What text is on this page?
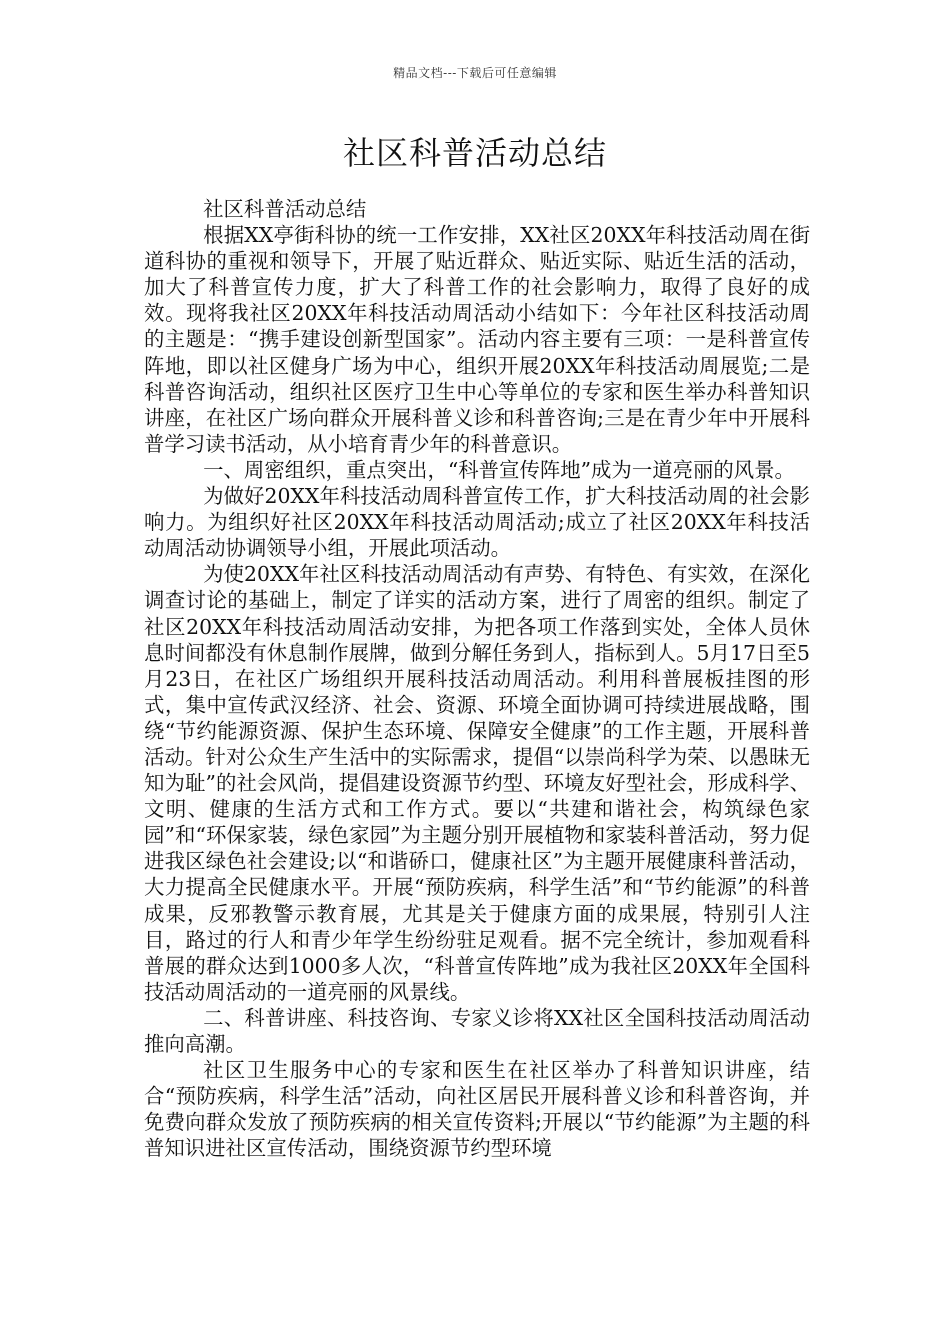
精品文档---下载后可任意编辑
社区科普活动总结

社区科普活动总结

根据XX亭街科协的统一工作安排，XX社区20XX年科技活动周在街道科协的重视和领导下，开展了贴近群众、贴近实际、贴近生活的活动，加大了科普宣传力度，扩大了科普工作的社会影响力，取得了良好的成效。现将我社区20XX年科技活动周活动小结如下：今年社区科技活动周的主题是：“携手建设创新型国家”。活动内容主要有三项：一是科普宣传阵地，即以社区健身广场为中心，组织开展20XX年科技活动周展览;二是科普咨询活动，组织社区医疗卫生中心等单位的专家和医生举办科普知识讲座，在社区广场向群众开展科普义诊和科普咨询;三是在青少年中开展科普学习读书活动，从小培育青少年的科普意识。

一、周密组织，重点突出，“科普宣传阵地”成为一道亮丽的风景。

为做好20XX年科技活动周科普宣传工作，扩大科技活动周的社会影响力。为组织好社区20XX年科技活动周活动;成立了社区20XX年科技活动周活动协调领导小组，开展此项活动。

为使20XX年社区科技活动周活动有声势、有特色、有实效，在深化调查讨论的基础上，制定了详实的活动方案，进行了周密的组织。制定了社区20XX年科技活动周活动安排，为把各项工作落到实处，全体人员休息时间都没有休息制作展牌，做到分解任务到人，指标到人。5月17日至5月23日，在社区广场组织开展科技活动周活动。利用科普展板挂图的形式，集中宣传武汉经济、社会、资源、环境全面协调可持续进展战略，围绕“节约能源资源、保护生态环境、保障安全健康”的工作主题，开展科普活动。针对公众生产生活中的实际需求，提倡“以崇尚科学为荣、以愚昧无知为耻”的社会风尚，提倡建设资源节约型、环境友好型社会，形成科学、文明、健康的生活方式和工作方式。要以“共建和谐社会，构筑绿色家园”和“环保家装，绿色家园”为主题分别开展植物和家装科普活动，努力促进我区绿色社会建设;以“和谐硚口，健康社区”为主题开展健康科普活动，大力提高全民健康水平。开展“预防疾病，科学生活”和“节约能源”的科普成果，反邪教警示教育展，尤其是关于健康方面的成果展，特别引人注目，路过的行人和青少年学生纷纷驻足观看。据不完全统计，参加观看科普展的群众达到1000多人次，“科普宣传阵地”成为我社区20XX年全国科技活动周活动的一道亮丽的风景线。

二、科普讲座、科技咨询、专家义诊将XX社区全国科技活动周活动推向高潮。

社区卫生服务中心的专家和医生在社区举办了科普知识讲座，结合“预防疾病，科学生活”活动，向社区居民开展科普义诊和科普咨询，并免费向群众发放了预防疾病的相关宣传资料;开展以“节约能源”为主题的科普知识进社区宣传活动，围绕资源节约型环境
